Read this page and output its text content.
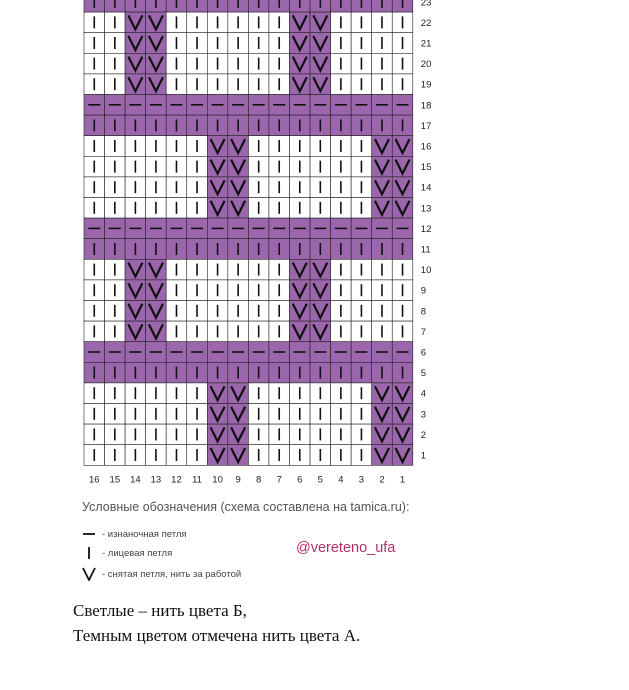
23
22
21
20
19
18
17
16
15
14
13
12
11
10
9
8
7
6
5
4
3
2
1
16 15 14 13 12 11 10 9 8 7 6 5 4 3 2 1
Условные обозначения (схема составлена на tamica.ru):
- изнаночная петля
- лицевая петля
- снятая петля, нить за работой
@vereteno_ufa
Светлые – нить цвета Б,
Темным цветом отмечена нить цвета А.
